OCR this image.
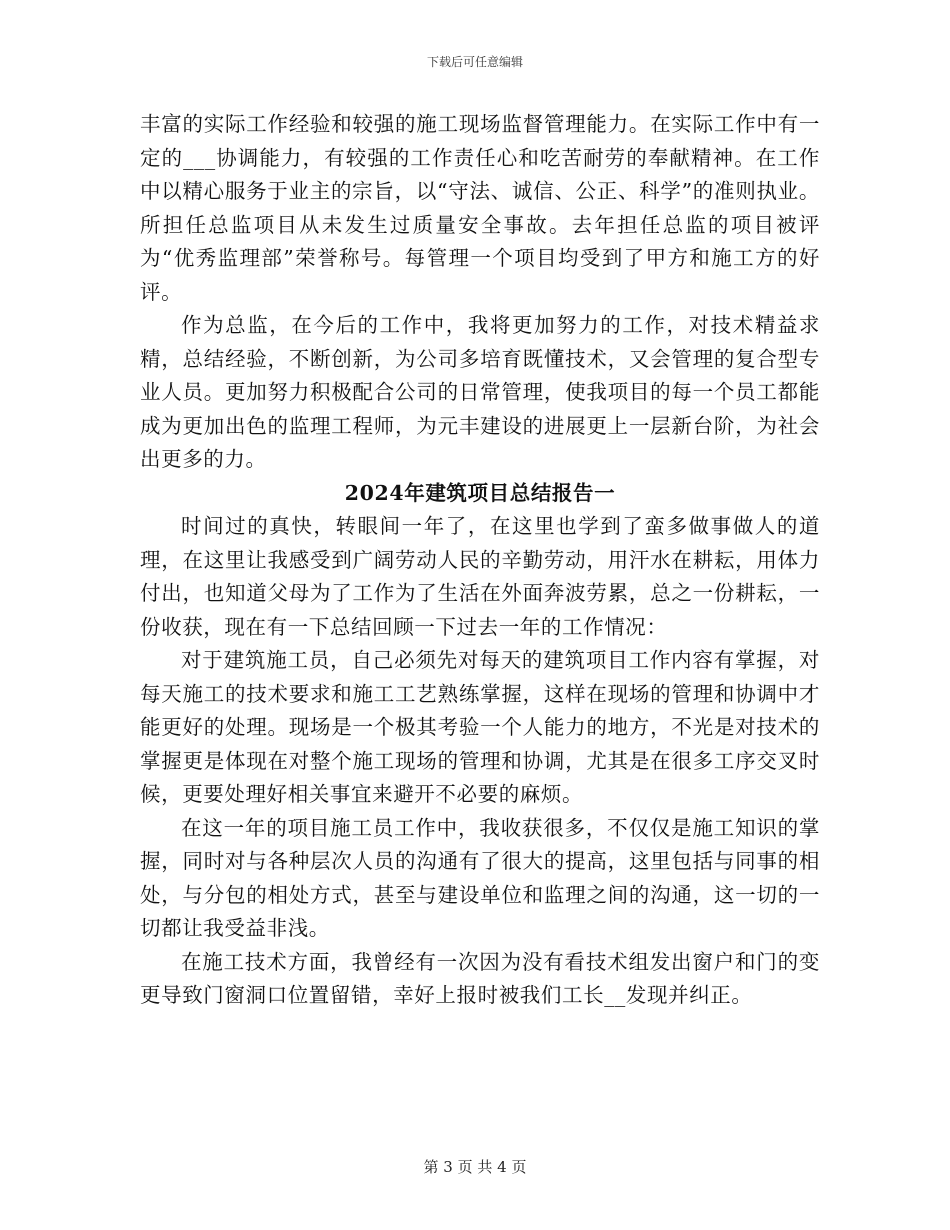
下载后可任意编辑

丰富的实际工作经验和较强的施工现场监督管理能力。在实际工作中有一定的___协调能力，有较强的工作责任心和吃苦耐劳的奉献精神。在工作中以精心服务于业主的宗旨，以“守法、诚信、公正、科学”的准则执业。所担任总监项目从未发生过质量安全事故。去年担任总监的项目被评为“优秀监理部”荣誉称号。每管理一个项目均受到了甲方和施工方的好评。

作为总监，在今后的工作中，我将更加努力的工作，对技术精益求精，总结经验，不断创新，为公司多培育既懂技术，又会管理的复合型专业人员。更加努力积极配合公司的日常管理，使我项目的每一个员工都能成为更加出色的监理工程师，为元丰建设的进展更上一层新台阶，为社会出更多的力。

2024年建筑项目总结报告一

时间过的真快，转眼间一年了，在这里也学到了蛮多做事做人的道理，在这里让我感受到广阔劳动人民的辛勤劳动，用汗水在耕耘，用体力付出，也知道父母为了工作为了生活在外面奔波劳累，总之一份耕耘，一份收获，现在有一下总结回顾一下过去一年的工作情况：

对于建筑施工员，自己必须先对每天的建筑项目工作内容有掌握，对每天施工的技术要求和施工工艺熟练掌握，这样在现场的管理和协调中才能更好的处理。现场是一个极其考验一个人能力的地方，不光是对技术的掌握更是体现在对整个施工现场的管理和协调，尤其是在很多工序交叉时候，更要处理好相关事宜来避开不必要的麻烦。

在这一年的项目施工员工作中，我收获很多，不仅仅是施工知识的掌握，同时对与各种层次人员的沟通有了很大的提高，这里包括与同事的相处，与分包的相处方式，甚至与建设单位和监理之间的沟通，这一切的一切都让我受益非浅。

在施工技术方面，我曾经有一次因为没有看技术组发出窗户和门的变更导致门窗洞口位置留错，幸好上报时被我们工长__发现并纠正。

第 3 页 共 4 页
